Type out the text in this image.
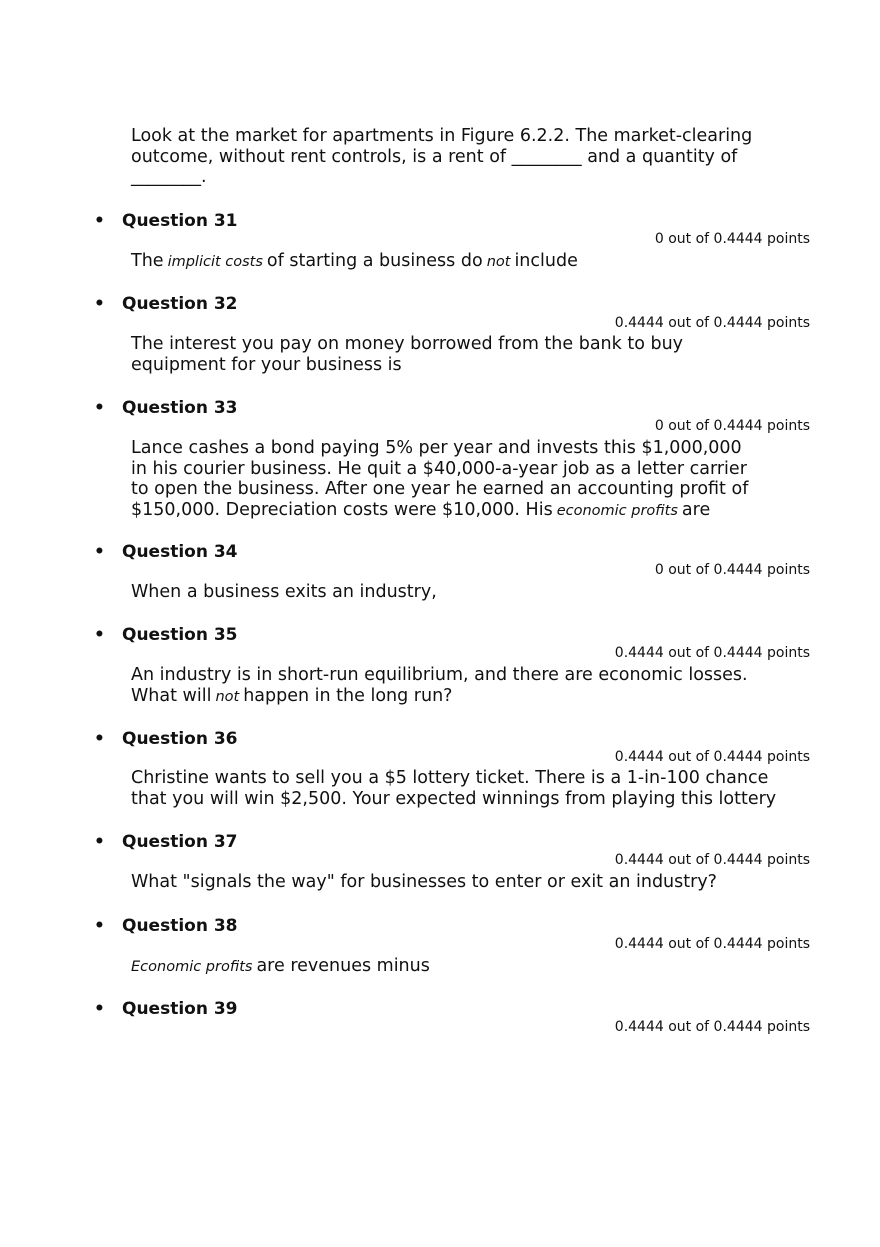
Look at the market for apartments in Figure 6.2.2. The market-clearing outcome, without rent controls, is a rent of ________ and a quantity of ________.
• Question 31
0 out of 0.4444 points
The implicit costs of starting a business do not include
• Question 32
0.4444 out of 0.4444 points
The interest you pay on money borrowed from the bank to buy equipment for your business is
• Question 33
0 out of 0.4444 points
Lance cashes a bond paying 5% per year and invests this $1,000,000 in his courier business. He quit a $40,000-a-year job as a letter carrier to open the business. After one year he earned an accounting profit of $150,000. Depreciation costs were $10,000. His economic profits are
• Question 34
0 out of 0.4444 points
When a business exits an industry,
• Question 35
0.4444 out of 0.4444 points
An industry is in short-run equilibrium, and there are economic losses. What will not happen in the long run?
• Question 36
0.4444 out of 0.4444 points
Christine wants to sell you a $5 lottery ticket. There is a 1-in-100 chance that you will win $2,500. Your expected winnings from playing this lottery
• Question 37
0.4444 out of 0.4444 points
What "signals the way" for businesses to enter or exit an industry?
• Question 38
0.4444 out of 0.4444 points
Economic profits are revenues minus
• Question 39
0.4444 out of 0.4444 points
